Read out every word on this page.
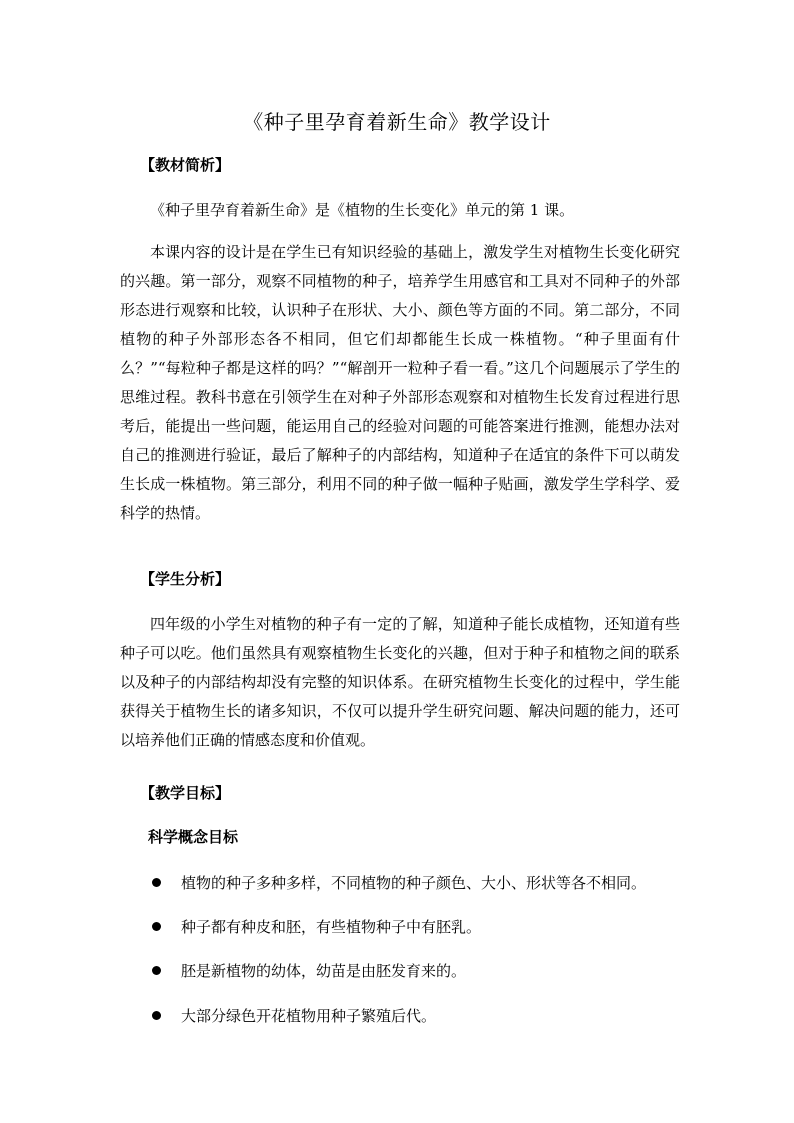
《种子里孕育着新生命》教学设计
【教材简析】
《种子里孕育着新生命》是《植物的生长变化》单元的第 1 课。
本课内容的设计是在学生已有知识经验的基础上，激发学生对植物生长变化研究的兴趣。第一部分，观察不同植物的种子，培养学生用感官和工具对不同种子的外部形态进行观察和比较，认识种子在形状、大小、颜色等方面的不同。第二部分，不同植物的种子外部形态各不相同，但它们却都能生长成一株植物。“种子里面有什么？”“每粒种子都是这样的吗？”“解剖开一粒种子看一看。”这几个问题展示了学生的思维过程。教科书意在引领学生在对种子外部形态观察和对植物生长发育过程进行思考后，能提出一些问题，能运用自己的经验对问题的可能答案进行推测，能想办法对自己的推测进行验证，最后了解种子的内部结构，知道种子在适宜的条件下可以萌发生长成一株植物。第三部分，利用不同的种子做一幅种子贴画，激发学生学科学、爱科学的热情。
【学生分析】
四年级的小学生对植物的种子有一定的了解，知道种子能长成植物，还知道有些种子可以吃。他们虽然具有观察植物生长变化的兴趣，但对于种子和植物之间的联系以及种子的内部结构却没有完整的知识体系。在研究植物生长变化的过程中，学生能获得关于植物生长的诸多知识，不仅可以提升学生研究问题、解决问题的能力，还可以培养他们正确的情感态度和价值观。
【教学目标】
科学概念目标
植物的种子多种多样，不同植物的种子颜色、大小、形状等各不相同。
种子都有种皮和胚，有些植物种子中有胚乳。
胚是新植物的幼体，幼苗是由胚发育来的。
大部分绿色开花植物用种子繁殖后代。
